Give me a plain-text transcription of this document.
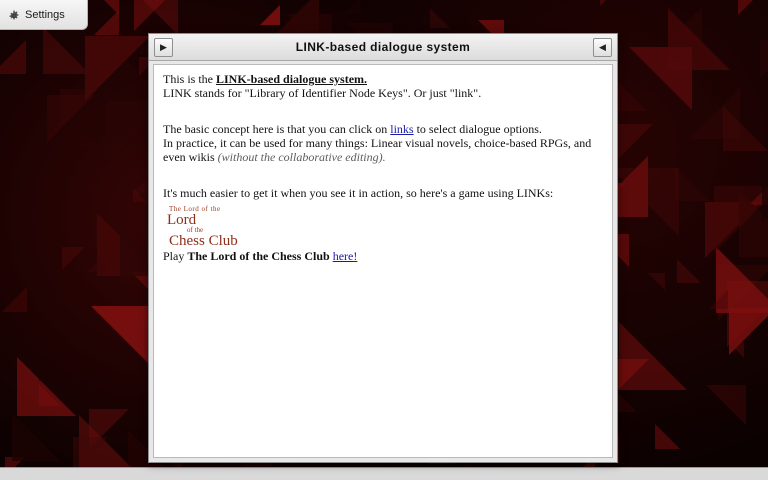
Settings
▶	LINK-based dialogue system	◀

This is the LINK-based dialogue system.

LINK stands for "Library of Identifier Node Keys". Or just "link".

The basic concept here is that you can click on links to select dialogue options.

In practice, it can be used for many things: Linear visual novels, choice-based RPGs, and even wikis (without the collaborative editing).

It's much easier to get it when you see it in action, so here's a game using LINKs:

The Lord of the
Lord
of the
Chess Club

Play The Lord of the Chess Club here!
